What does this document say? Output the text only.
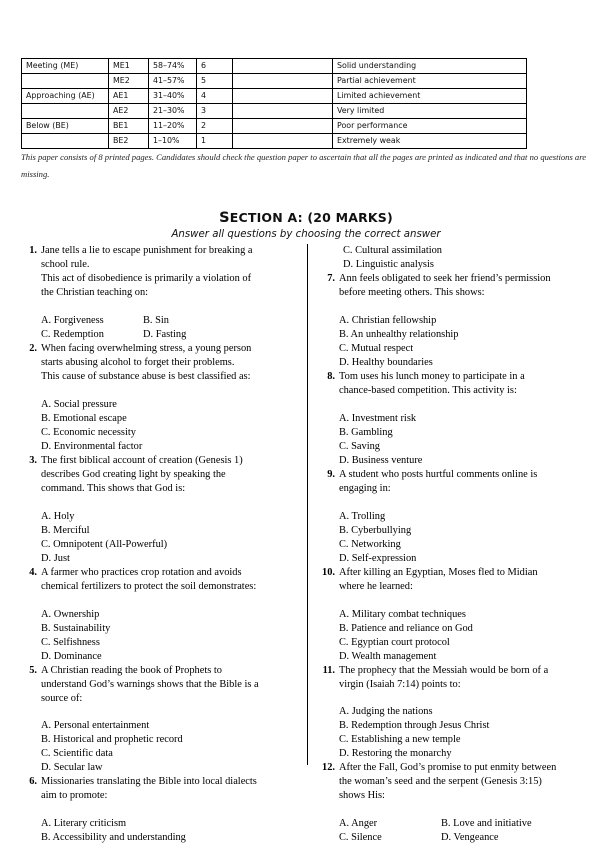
Meeting (ME)	ME1	58–74%	6		Solid understanding
	ME2	41–57%	5		Partial achievement
Approaching (AE)	AE1	31–40%	4		Limited achievement
	AE2	21–30%	3		Very limited
Below (BE)	BE1	11–20%	2		Poor performance
	BE2	1–10%	1		Extremely weak
This paper consists of 8 printed pages. Candidates should check the question paper to ascertain that all the pages are printed as indicated and that no questions are missing.
SECTION A: (20 MARKS)
Answer all questions by choosing the correct answer
1. Jane tells a lie to escape punishment for breaking a
school rule.
This act of disobedience is primarily a violation of
the Christian teaching on:
A. Forgiveness	B. Sin
C. Redemption	D. Fasting
2. When facing overwhelming stress, a young person
starts abusing alcohol to forget their problems.
This cause of substance abuse is best classified as:
A. Social pressure
B. Emotional escape
C. Economic necessity
D. Environmental factor
3. The first biblical account of creation (Genesis 1)
describes God creating light by speaking the
command. This shows that God is:
A. Holy
B. Merciful
C. Omnipotent (All-Powerful)
D. Just
4. A farmer who practices crop rotation and avoids
chemical fertilizers to protect the soil demonstrates:
A. Ownership
B. Sustainability
C. Selfishness
D. Dominance
5. A Christian reading the book of Prophets to
understand God’s warnings shows that the Bible is a
source of:
A. Personal entertainment
B. Historical and prophetic record
C. Scientific data
D. Secular law
6. Missionaries translating the Bible into local dialects
aim to promote:
A. Literary criticism
B. Accessibility and understanding
C. Cultural assimilation
D. Linguistic analysis
7. Ann feels obligated to seek her friend’s permission
before meeting others. This shows:
A. Christian fellowship
B. An unhealthy relationship
C. Mutual respect
D. Healthy boundaries
8. Tom uses his lunch money to participate in a
chance-based competition. This activity is:
A. Investment risk
B. Gambling
C. Saving
D. Business venture
9. A student who posts hurtful comments online is
engaging in:
A. Trolling
B. Cyberbullying
C. Networking
D. Self-expression
10. After killing an Egyptian, Moses fled to Midian
where he learned:
A. Military combat techniques
B. Patience and reliance on God
C. Egyptian court protocol
D. Wealth management
11. The prophecy that the Messiah would be born of a
virgin (Isaiah 7:14) points to:
A. Judging the nations
B. Redemption through Jesus Christ
C. Establishing a new temple
D. Restoring the monarchy
12. After the Fall, God’s promise to put enmity between
the woman’s seed and the serpent (Genesis 3:15)
shows His:
A. Anger	B. Love and initiative
C. Silence	D. Vengeance
